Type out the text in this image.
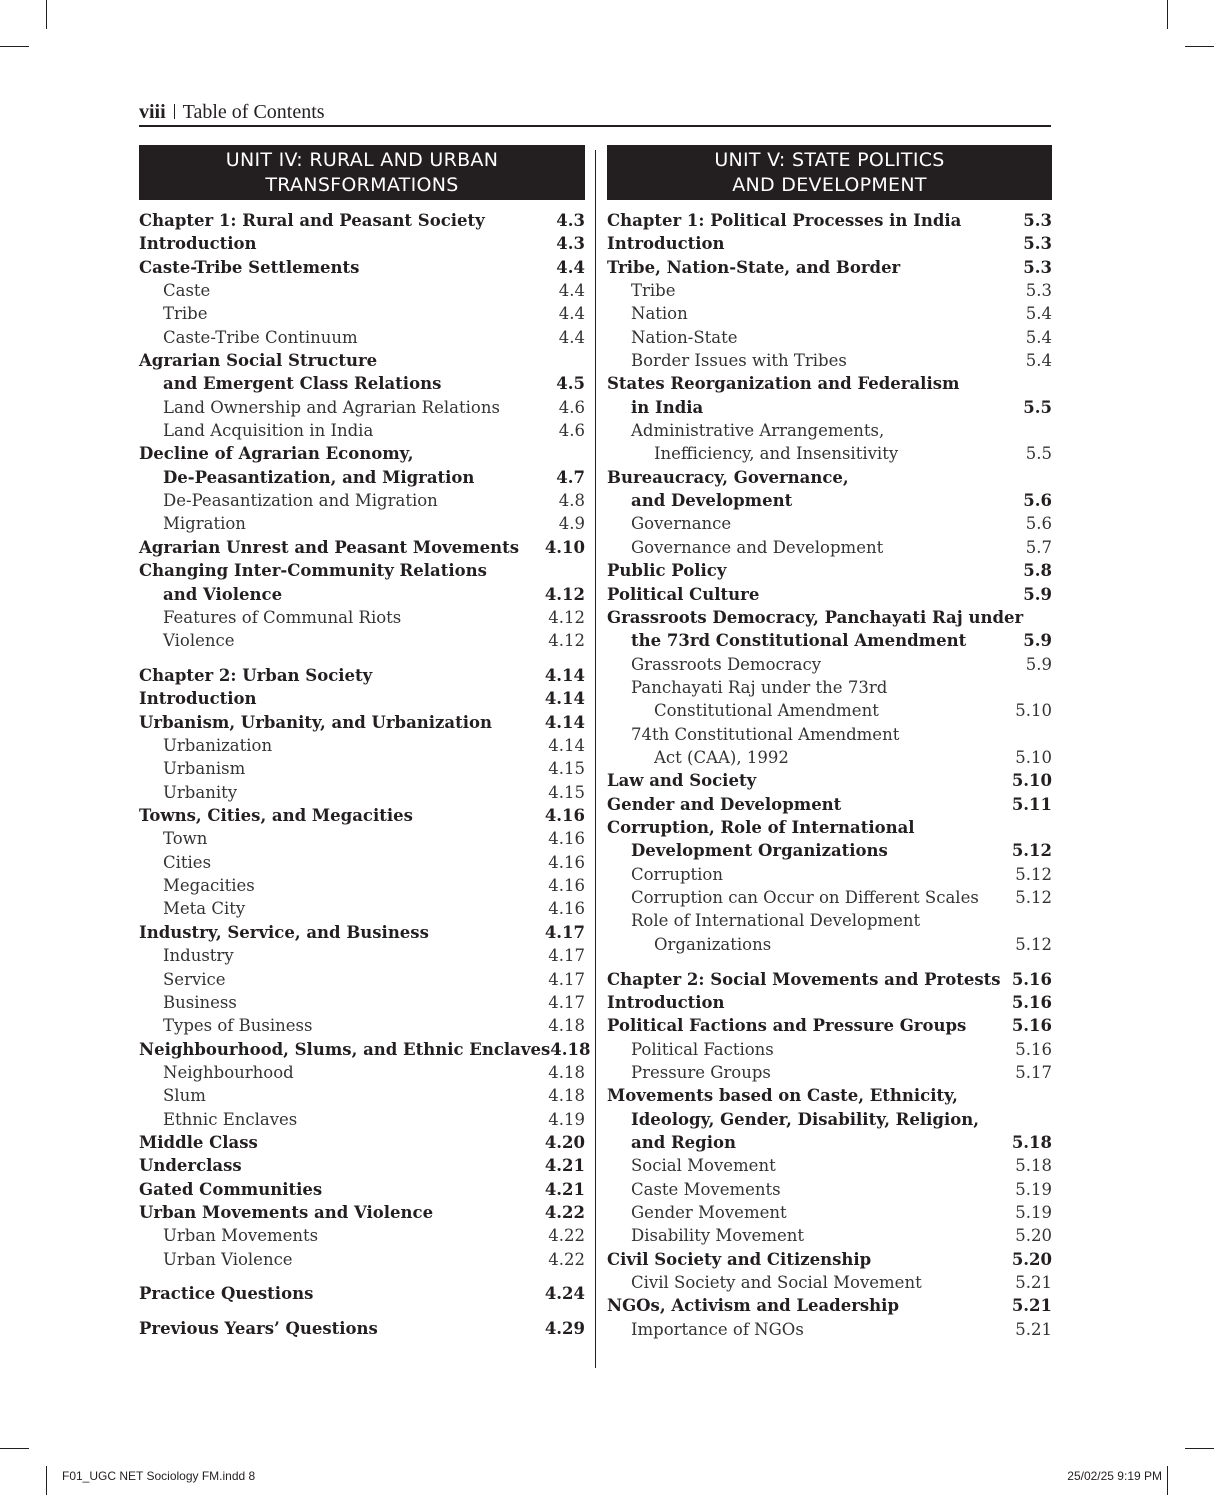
viii Table of Contents
UNIT IV: RURAL AND URBAN
TRANSFORMATIONS
Chapter 1: Rural and Peasant Society	4.3
Introduction	4.3
Caste-Tribe Settlements	4.4
Caste	4.4
Tribe	4.4
Caste-Tribe Continuum	4.4
Agrarian Social Structure
and Emergent Class Relations	4.5
Land Ownership and Agrarian Relations	4.6
Land Acquisition in India	4.6
Decline of Agrarian Economy,
De-Peasantization, and Migration	4.7
De-Peasantization and Migration	4.8
Migration	4.9
Agrarian Unrest and Peasant Movements 4.10
Changing Inter-Community Relations
and Violence	4.12
Features of Communal Riots	4.12
Violence	4.12
Chapter 2: Urban Society	4.14
Introduction	4.14
Urbanism, Urbanity, and Urbanization	4.14
Urbanization	4.14
Urbanism	4.15
Urbanity	4.15
Towns, Cities, and Megacities	4.16
Town	4.16
Cities	4.16
Megacities	4.16
Meta City	4.16
Industry, Service, and Business	4.17
Industry	4.17
Service	4.17
Business	4.17
Types of Business	4.18
Neighbourhood, Slums, and Ethnic Enclaves 4.18
Neighbourhood	4.18
Slum	4.18
Ethnic Enclaves	4.19
Middle Class	4.20
Underclass	4.21
Gated Communities	4.21
Urban Movements and Violence	4.22
Urban Movements	4.22
Urban Violence	4.22
Practice Questions	4.24
Previous Years’ Questions	4.29
UNIT V: STATE POLITICS
AND DEVELOPMENT
Chapter 1: Political Processes in India	5.3
Introduction	5.3
Tribe, Nation-State, and Border	5.3
Tribe	5.3
Nation	5.4
Nation-State	5.4
Border Issues with Tribes	5.4
States Reorganization and Federalism
in India	5.5
Administrative Arrangements,
Inefficiency, and Insensitivity	5.5
Bureaucracy, Governance,
and Development	5.6
Governance	5.6
Governance and Development	5.7
Public Policy	5.8
Political Culture	5.9
Grassroots Democracy, Panchayati Raj under
the 73rd Constitutional Amendment	5.9
Grassroots Democracy	5.9
Panchayati Raj under the 73rd
Constitutional Amendment	5.10
74th Constitutional Amendment
Act (CAA), 1992	5.10
Law and Society	5.10
Gender and Development	5.11
Corruption, Role of International
Development Organizations	5.12
Corruption	5.12
Corruption can Occur on Different Scales 5.12
Role of International Development
Organizations	5.12
Chapter 2: Social Movements and Protests 5.16
Introduction	5.16
Political Factions and Pressure Groups	5.16
Political Factions	5.16
Pressure Groups	5.17
Movements based on Caste, Ethnicity,
Ideology, Gender, Disability, Religion,
and Region	5.18
Social Movement	5.18
Caste Movements	5.19
Gender Movement	5.19
Disability Movement	5.20
Civil Society and Citizenship	5.20
Civil Society and Social Movement	5.21
NGOs, Activism and Leadership	5.21
Importance of NGOs	5.21
F01_UGC NET Sociology FM.indd 8	25/02/25 9:19 PM
